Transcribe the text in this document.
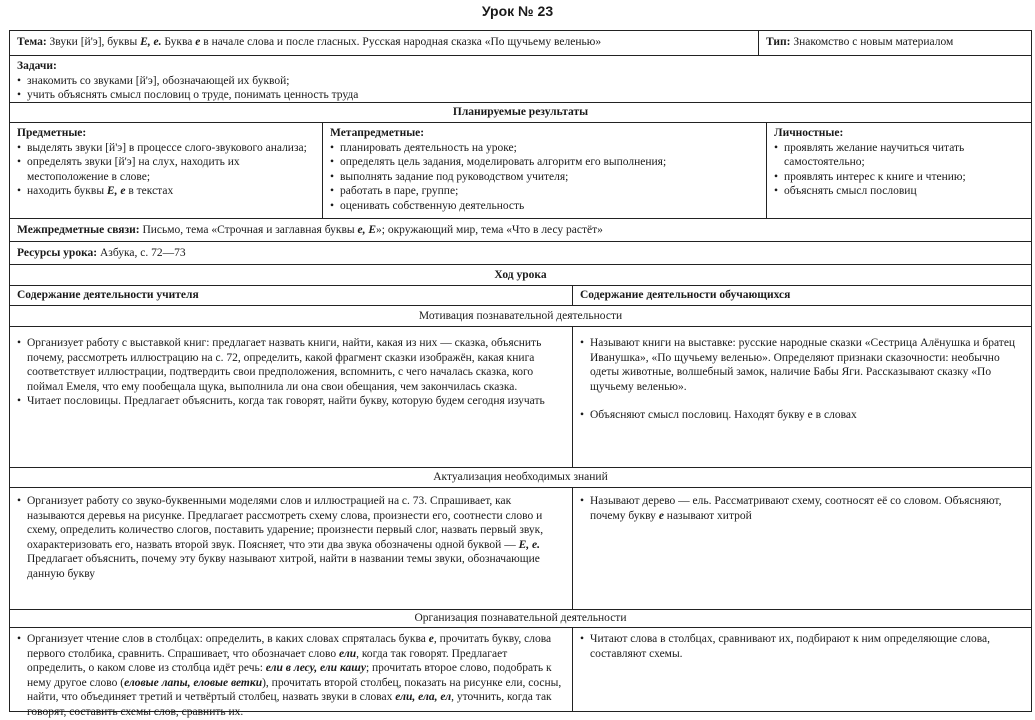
Урок № 23
Тема: Звуки [й'э], буквы Е, е. Буква е в начале слова и после гласных. Русская народная сказка «По щучьему веленью»	Тип: Знакомство с новым материалом
Задачи:
• знакомить со звуками [й'э], обозначающей их буквой;
• учить объяснять смысл пословиц о труде, понимать ценность труда
Планируемые результаты
Предметные:
• выделять звуки [й'э] в процессе слого-звукового анализа;
• определять звуки [й'э] на слух, находить их местоположение в слове;
• находить буквы Е, е в текстах
Метапредметные:
• планировать деятельность на уроке;
• определять цель задания, моделировать алгоритм его выполнения;
• выполнять задание под руководством учителя;
• работать в паре, группе;
• оценивать собственную деятельность
Личностные:
• проявлять желание научиться читать самостоятельно;
• проявлять интерес к книге и чтению;
• объяснять смысл пословиц
Межпредметные связи: Письмо, тема «Строчная и заглавная буквы е, Е»; окружающий мир, тема «Что в лесу растёт»
Ресурсы урока: Азбука, с. 72—73
Ход урока
Содержание деятельности учителя	Содержание деятельности обучающихся
Мотивация познавательной деятельности
• Организует работу с выставкой книг: предлагает назвать книги, найти, какая из них — сказка, объяснить почему, рассмотреть иллюстрацию на с. 72, определить, какой фрагмент сказки изображён, какая книга соответствует иллюстрации, подтвердить свои предположения, вспомнить, с чего началась сказка, кого поймал Емеля, что ему пообещала щука, выполнила ли она свои обещания, чем закончилась сказка.
• Читает пословицы. Предлагает объяснить, когда так говорят, найти букву, которую будем сегодня изучать
• Называют книги на выставке: русские народные сказки «Сестрица Алёнушка и братец Иванушка», «По щучьему веленью». Определяют признаки сказочности: необычно одеты животные, волшебный замок, наличие Бабы Яги. Рассказывают сказку «По щучьему веленью».
• Объясняют смысл пословиц. Находят букву е в словах
Актуализация необходимых знаний
• Организует работу со звуко-буквенными моделями слов и иллюстрацией на с. 73. Спрашивает, как называются деревья на рисунке. Предлагает рассмотреть схему слова, произнести его, соотнести слово и схему, определить количество слогов, поставить ударение; произнести первый слог, назвать первый звук, охарактеризовать его, назвать второй звук. Поясняет, что эти два звука обозначены одной буквой — Е, е. Предлагает объяснить, почему эту букву называют хитрой, найти в названии темы звуки, обозначающие данную букву
• Называют дерево — ель. Рассматривают схему, соотносят её со словом. Объясняют, почему букву е называют хитрой
Организация познавательной деятельности
• Организует чтение слов в столбцах: определить, в каких словах спряталась буква е, прочитать букву, слова первого столбика, сравнить. Спрашивает, что обозначает слово ели, когда так говорят. Предлагает определить, о каком слове из столбца идёт речь: ели в лесу, ели кашу; прочитать второе слово, подобрать к нему другое слово (еловые лапы, еловые ветки), прочитать второй столбец, показать на рисунке ели, сосны, найти, что объединяет третий и четвёртый столбец, назвать звуки в словах ели, ела, ел, уточнить, когда так говорят, составить схемы слов, сравнить их.
• Читают слова в столбцах, сравнивают их, подбирают к ним определяющие слова, составляют схемы.
